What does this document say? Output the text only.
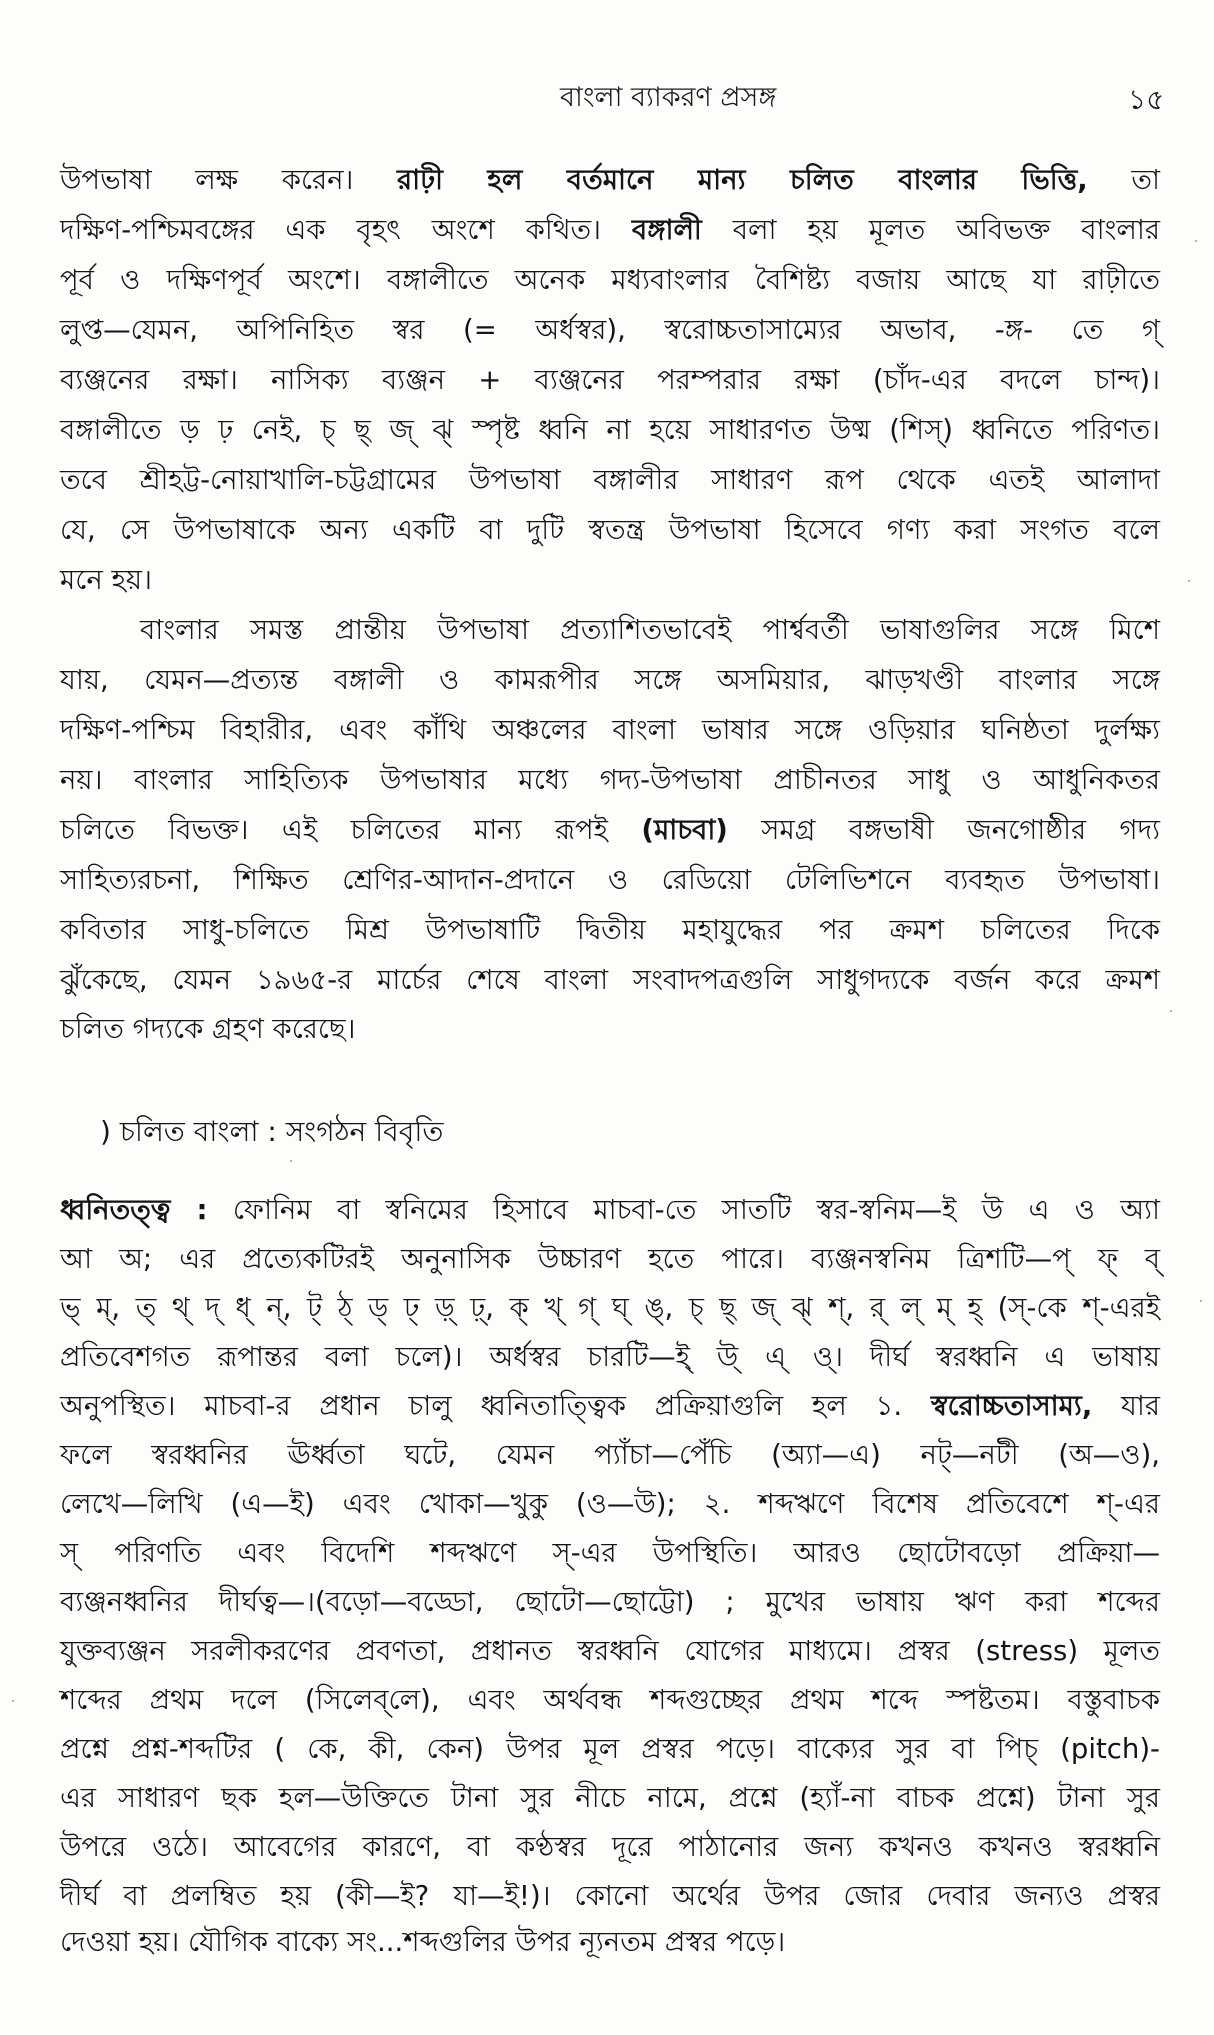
বাংলা ব্যাকরণ প্রসঙ্গ	১৫
উপভাষা লক্ষ করেন। রাঢ়ী হল বর্তমানে মান্য চলিত বাংলার ভিত্তি, তা
দক্ষিণ-পশ্চিমবঙ্গের এক বৃহৎ অংশে কথিত। বঙ্গালী বলা হয় মূলত অবিভক্ত বাংলার
পূর্ব ও দক্ষিণপূর্ব অংশে। বঙ্গালীতে অনেক মধ্যবাংলার বৈশিষ্ট্য বজায় আছে যা রাঢ়ীতে
লুপ্ত—যেমন, অপিনিহিত স্বর (= অর্ধস্বর), স্বরোচ্চতাসাম্যের অভাব, -ঙ্গ- তে গ্
ব্যঞ্জনের রক্ষা। নাসিক্য ব্যঞ্জন + ব্যঞ্জনের পরম্পরার রক্ষা (চাঁদ-এর বদলে চান্দ)।
বঙ্গালীতে ড় ঢ় নেই, চ্ ছ্ জ্ ঝ্ স্পৃষ্ট ধ্বনি না হয়ে সাধারণত উষ্ম (শিস্) ধ্বনিতে পরিণত।
তবে শ্রীহট্ট-নোয়াখালি-চট্টগ্রামের উপভাষা বঙ্গালীর সাধারণ রূপ থেকে এতই আলাদা
যে, সে উপভাষাকে অন্য একটি বা দুটি স্বতন্ত্র উপভাষা হিসেবে গণ্য করা সংগত বলে
মনে হয়।
বাংলার সমস্ত প্রান্তীয় উপভাষা প্রত্যাশিতভাবেই পার্শ্ববর্তী ভাষাগুলির সঙ্গে মিশে
যায়, যেমন—প্রত্যন্ত বঙ্গালী ও কামরূপীর সঙ্গে অসমিয়ার, ঝাড়খণ্ডী বাংলার সঙ্গে
দক্ষিণ-পশ্চিম বিহারীর, এবং কাঁথি অঞ্চলের বাংলা ভাষার সঙ্গে ওড়িয়ার ঘনিষ্ঠতা দুর্লক্ষ্য
নয়। বাংলার সাহিত্যিক উপভাষার মধ্যে গদ্য-উপভাষা প্রাচীনতর সাধু ও আধুনিকতর
চলিতে বিভক্ত। এই চলিতের মান্য রূপই (মাচবা) সমগ্র বঙ্গভাষী জনগোষ্ঠীর গদ্য
সাহিত্যরচনা, শিক্ষিত শ্রেণির-আদান-প্রদানে ও রেডিয়ো টেলিভিশনে ব্যবহৃত উপভাষা।
কবিতার সাধু-চলিতে মিশ্র উপভাষাটি দ্বিতীয় মহাযুদ্ধের পর ক্রমশ চলিতের দিকে
ঝুঁকেছে, যেমন ১৯৬৫-র মার্চের শেষে বাংলা সংবাদপত্রগুলি সাধুগদ্যকে বর্জন করে ক্রমশ
চলিত গদ্যকে গ্রহণ করেছে।
) চলিত বাংলা : সংগঠন বিবৃতি
ধ্বনিতত্ত্ব : ফোনিম বা স্বনিমের হিসাবে মাচবা-তে সাতটি স্বর-স্বনিম—ই উ এ ও অ্যা
আ অ; এর প্রত্যেকটিরই অনুনাসিক উচ্চারণ হতে পারে। ব্যঞ্জনস্বনিম ত্রিশটি—প্ ফ্ ব্
ভ্ ম্, ত্ থ্ দ্ ধ্ ন্, ট্ ঠ্ ড্ ঢ্ ড়্ ঢ়্, ক্ খ্ গ্ ঘ্ ঙ্, চ্ ছ্ জ্ ঝ্ শ্, র্ ল্ ম্ হ্ (স্-কে শ্-এরই
প্রতিবেশগত রূপান্তর বলা চলে)। অর্ধস্বর চারটি—ই্ উ্ এ্ ও্। দীর্ঘ স্বরধ্বনি এ ভাষায়
অনুপস্থিত। মাচবা-র প্রধান চালু ধ্বনিতাত্ত্বিক প্রক্রিয়াগুলি হল ১. স্বরোচ্চতাসাম্য, যার
ফলে স্বরধ্বনির ঊর্ধ্বতা ঘটে, যেমন প্যাঁচা—পেঁচি (অ্যা—এ) নট্—নটী (অ—ও),
লেখে—লিখি (এ—ই) এবং খোকা—খুকু (ও—উ); ২. শব্দঋণে বিশেষ প্রতিবেশে শ্-এর
স্ পরিণতি এবং বিদেশি শব্দঋণে স্-এর উপস্থিতি। আরও ছোটোবড়ো প্রক্রিয়া—
ব্যঞ্জনধ্বনির দীর্ঘত্ব—।(বড়ো—বড্ডো, ছোটো—ছোট্টো) ; মুখের ভাষায় ঋণ করা শব্দের
যুক্তব্যঞ্জন সরলীকরণের প্রবণতা, প্রধানত স্বরধ্বনি যোগের মাধ্যমে। প্রস্বর (stress) মূলত
শব্দের প্রথম দলে (সিলেব্‌লে), এবং অর্থবন্ধ শব্দগুচ্ছের প্রথম শব্দে স্পষ্টতম। বস্তুবাচক
প্রশ্নে প্রশ্ন-শব্দটির ( কে, কী, কেন) উপর মূল প্রস্বর পড়ে। বাক্যের সুর বা পিচ্ (pitch)-
এর সাধারণ ছক হল—উক্তিতে টানা সুর নীচে নামে, প্রশ্নে (হ্যাঁ-না বাচক প্রশ্নে) টানা সুর
উপরে ওঠে। আবেগের কারণে, বা কণ্ঠস্বর দূরে পাঠানোর জন্য কখনও কখনও স্বরধ্বনি
দীর্ঘ বা প্রলম্বিত হয় (কী—ই? যা—ই!)। কোনো অর্থের উপর জোর দেবার জন্যও প্রস্বর
দেওয়া হয়। যৌগিক বাক্যে সং...শব্দগুলির উপর ন্যূনতম প্রস্বর পড়ে।
